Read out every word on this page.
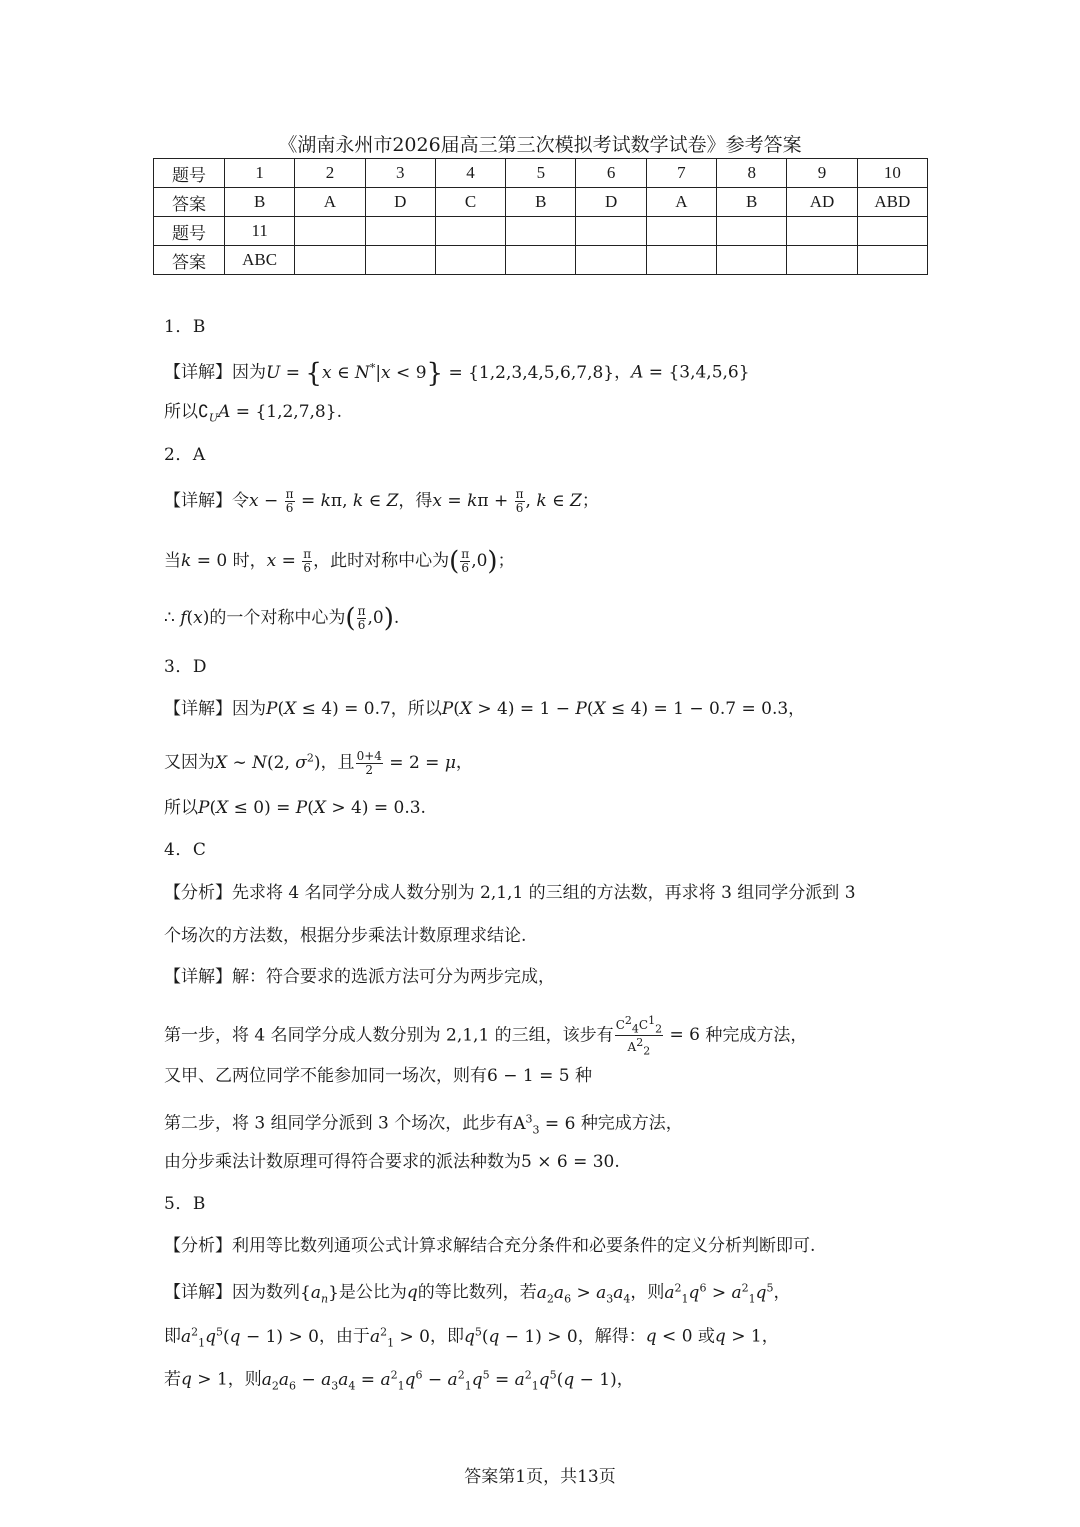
《湖南永州市2026届高三第三次模拟考试数学试卷》参考答案
题号	1	2	3	4	5	6	7	8	9	10
答案	B	A	D	C	B	D	A	B	AD	ABD
题号	11									
答案	ABC									
1．B
【详解】因为U = {x ∈ N*|x < 9} = {1,2,3,4,5,6,7,8}，A = {3,4,5,6}
所以$∁_UA = \{1,2,7,8\}$.
2．A
【详解】令$x - \frac{\pi}{6} = k\pi$, k ∈ Z，得$x = k\pi + \frac{\pi}{6}$ , k ∈ Z；
当k = 0 时，$x = \frac{\pi}{6}$ ，此时对称中心为( $\frac{\pi}{6} ,0$)；
∴ f(x)的一个对称中心为( $\frac{\pi}{6} ,0$).
3．D
【详解】因为P(X ≤ 4) = 0.7，所以P(X > 4) = 1 − P(X ≤ 4) = 1 − 0.7 = 0.3，
又因为X ∼ N(2, $\sigma^2$)，且 $\frac{0+4}{2} = 2 = \mu$，
所以P(X ≤ 0) = P(X > 4) = 0.3.
4．C
【分析】先求将 4 名同学分成人数分别为 2,1,1 的三组的方法数，再求将 3 组同学分派到 3
个场次的方法数，根据分步乘法计数原理求结论.
【详解】解：符合要求的选派方法可分为两步完成，
第一步，将 4 名同学分成人数分别为 2,1,1 的三组，该步有 $\frac{C^2_4C^1_2}{A^2_2} = 6$ 种完成方法，
又甲、乙两位同学不能参加同一场次，则有6 − 1 = 5 种
第二步，将 3 组同学分派到 3 个场次，此步有$A^3_3 = 6$ 种完成方法，
由分步乘法计数原理可得符合要求的派法种数为5 × 6 = 30.
5．B
【分析】利用等比数列通项公式计算求解结合充分条件和必要条件的定义分析判断即可.
【详解】因为数列$\{a_n\}$是公比为q的等比数列，若$a_2a_6 > a_3a_4$，则$a^2_1q^6 > a^2_1q^5$，
即$a^2_1q^5(q - 1) > 0$，由于$a^2_1 > 0$，即$q^5(q - 1) > 0$，解得：q < 0 或q > 1，
若q > 1，则$a_2a_6 - a_3a_4 = a^2_1q^6 - a^2_1q^5 = a^2_1q^5(q - 1)$，
答案第1页，共13页
